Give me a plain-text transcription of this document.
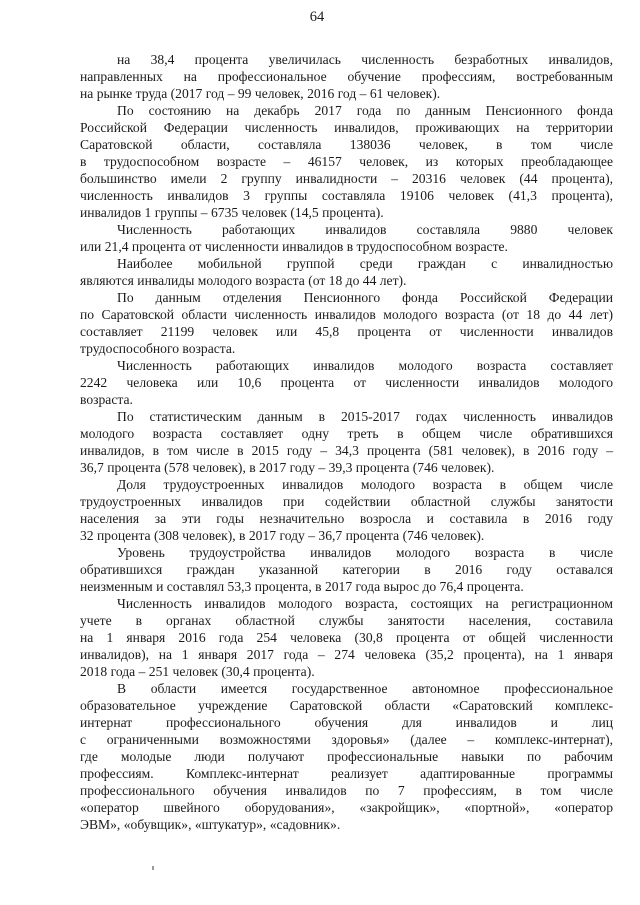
64
на 38,4 процента увеличилась численность безработных инвалидов,
направленных на профессиональное обучение профессиям, востребованным
на рынке труда (2017 год – 99 человек, 2016 год – 61 человек).
По состоянию на декабрь 2017 года по данным Пенсионного фонда
Российской Федерации численность инвалидов, проживающих на территории
Саратовской области, составляла 138036 человек, в том числе
в трудоспособном возрасте – 46157 человек, из которых преобладающее
большинство имели 2 группу инвалидности – 20316 человек (44 процента),
численность инвалидов 3 группы составляла 19106 человек (41,3 процента),
инвалидов 1 группы – 6735 человек (14,5 процента).
Численность работающих инвалидов составляла 9880 человек
или 21,4 процента от численности инвалидов в трудоспособном возрасте.
Наиболее мобильной группой среди граждан с инвалидностью
являются инвалиды молодого возраста (от 18 до 44 лет).
По данным отделения Пенсионного фонда Российской Федерации
по Саратовской области численность инвалидов молодого возраста (от 18 до 44 лет)
составляет 21199 человек или 45,8 процента от численности инвалидов
трудоспособного возраста.
Численность работающих инвалидов молодого возраста составляет
2242 человека или 10,6 процента от численности инвалидов молодого
возраста.
По статистическим данным в 2015-2017 годах численность инвалидов
молодого возраста составляет одну треть в общем числе обратившихся
инвалидов, в том числе в 2015 году – 34,3 процента (581 человек), в 2016 году –
36,7 процента (578 человек), в 2017 году – 39,3 процента (746 человек).
Доля трудоустроенных инвалидов молодого возраста в общем числе
трудоустроенных инвалидов при содействии областной службы занятости
населения за эти годы незначительно возросла и составила в 2016 году
32 процента (308 человек), в 2017 году – 36,7 процента (746 человек).
Уровень трудоустройства инвалидов молодого возраста в числе
обратившихся граждан указанной категории в 2016 году оставался
неизменным и составлял 53,3 процента, в 2017 года вырос до 76,4 процента.
Численность инвалидов молодого возраста, состоящих на регистрационном
учете в органах областной службы занятости населения, составила
на 1 января 2016 года 254 человека (30,8 процента от общей численности
инвалидов), на 1 января 2017 года – 274 человека (35,2 процента), на 1 января
2018 года – 251 человек (30,4 процента).
В области имеется государственное автономное профессиональное
образовательное учреждение Саратовской области «Саратовский комплекс-
интернат профессионального обучения для инвалидов и лиц
с ограниченными возможностями здоровья» (далее – комплекс-интернат),
где молодые люди получают профессиональные навыки по рабочим
профессиям. Комплекс-интернат реализует адаптированные программы
профессионального обучения инвалидов по 7 профессиям, в том числе
«оператор швейного оборудования», «закройщик», «портной», «оператор
ЭВМ», «обувщик», «штукатур», «садовник».
